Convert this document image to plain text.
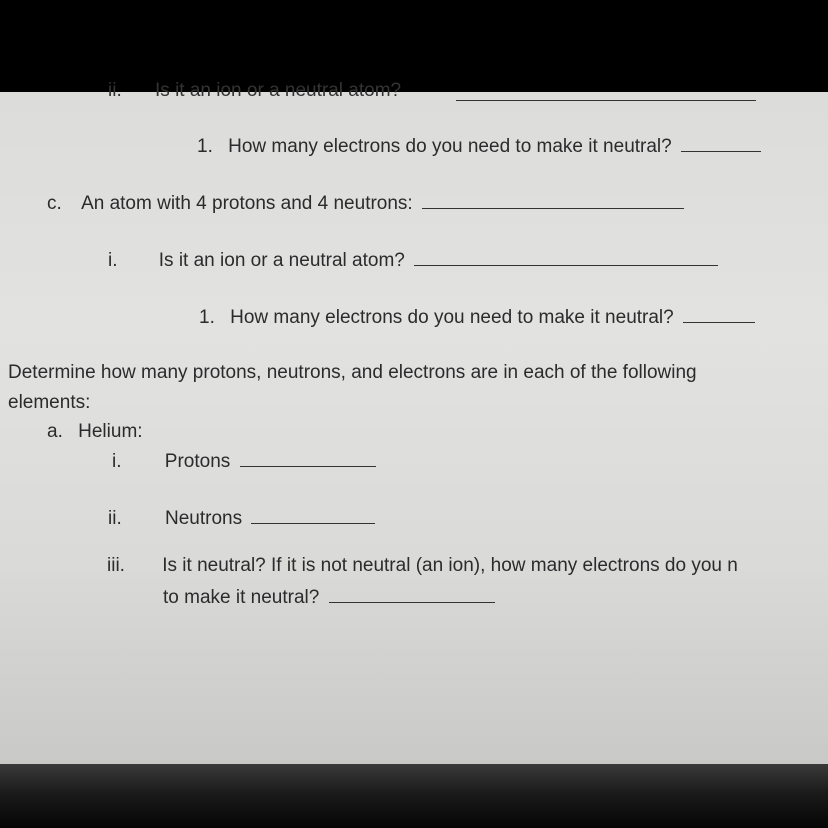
ii. Is it an ion or a neutral atom?
1. How many electrons do you need to make it neutral?
c. An atom with 4 protons and 4 neutrons:
i. Is it an ion or a neutral atom?
1. How many electrons do you need to make it neutral?
Determine how many protons, neutrons, and electrons are in each of the following
elements:
a. Helium:
i. Protons
ii. Neutrons
iii. Is it neutral? If it is not neutral (an ion), how many electrons do you n
to make it neutral?
